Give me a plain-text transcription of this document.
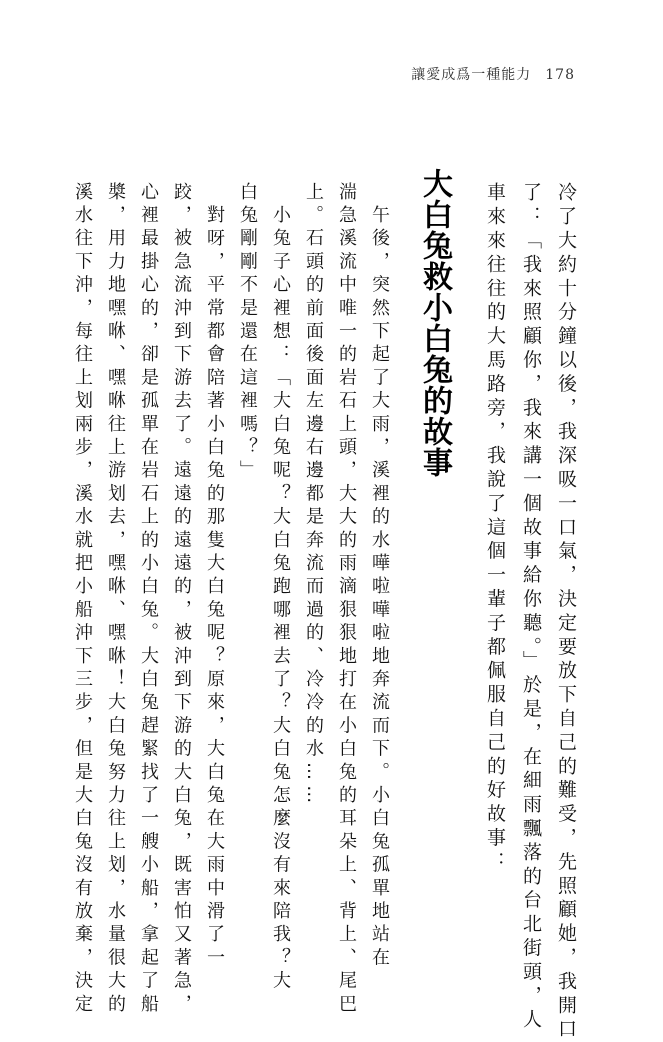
讓愛成爲一種能力 178
冷了大約十分鐘以後，我深吸一口氣，決定要放下自己的難受，先照顧她，我開口
了：「我來照顧你，我來講一個故事給你聽。」於是，在細雨飄落的台北街頭，人
車來來往往的大馬路旁，我說了這個一輩子都佩服自己的好故事：
大白兔救小白兔的故事
　午後，突然下起了大雨，溪裡的水嘩啦嘩啦地奔流而下。小白兔孤單地站在
湍急溪流中唯一的岩石上頭，大大的雨滴狠狠地打在小白兔的耳朵上、背上、尾巴
上。石頭的前面後面左邊右邊都是奔流而過的、冷冷的水……
　小兔子心裡想：「大白兔呢？大白兔跑哪裡去了？大白兔怎麼沒有來陪我？大
白兔剛剛不是還在這裡嗎？」
　對呀，平常都會陪著小白兔的那隻大白兔呢？原來，大白兔在大雨中滑了一
跤，被急流沖到下游去了。遠遠的遠遠的，被沖到下游的大白兔，既害怕又著急，
心裡最掛心的，卻是孤單在岩石上的小白兔。大白兔趕緊找了一艘小船，拿起了船
槳，用力地嘿咻、嘿咻往上游划去，嘿咻、嘿咻！大白兔努力往上划，水量很大的
溪水往下沖，每往上划兩步，溪水就把小船沖下三步，但是大白兔沒有放棄，決定
